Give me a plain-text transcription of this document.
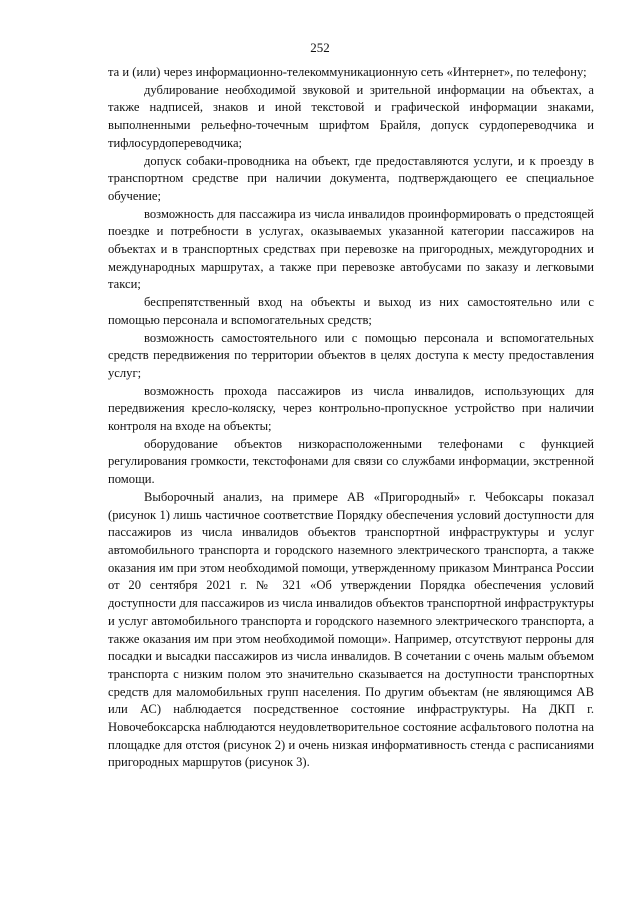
252

та и (или) через информационно-телекоммуникационную сеть «Интернет», по телефону;

дублирование необходимой звуковой и зрительной информации на объектах, а также надписей, знаков и иной текстовой и графической информации знаками, выполненными рельефно-точечным шрифтом Брайля, допуск сурдопереводчика и тифлосурдопереводчика;

допуск собаки-проводника на объект, где предоставляются услуги, и к проезду в транспортном средстве при наличии документа, подтверждающего ее специальное обучение;

возможность для пассажира из числа инвалидов проинформировать о предстоящей поездке и потребности в услугах, оказываемых указанной категории пассажиров на объектах и в транспортных средствах при перевозке на пригородных, междугородних и международных маршрутах, а также при перевозке автобусами по заказу и легковыми такси;

беспрепятственный вход на объекты и выход из них самостоятельно или с помощью персонала и вспомогательных средств;

возможность самостоятельного или с помощью персонала и вспомогательных средств передвижения по территории объектов в целях доступа к месту предоставления услуг;

возможность прохода пассажиров из числа инвалидов, использующих для передвижения кресло-коляску, через контрольно-пропускное устройство при наличии контроля на входе на объекты;

оборудование объектов низкорасположенными телефонами с функцией регулирования громкости, текстофонами для связи со службами информации, экстренной помощи.

Выборочный анализ, на примере АВ «Пригородный» г. Чебоксары показал (рисунок 1) лишь частичное соответствие Порядку обеспечения условий доступности для пассажиров из числа инвалидов объектов транспортной инфраструктуры и услуг автомобильного транспорта и городского наземного электрического транспорта, а также оказания им при этом необходимой помощи, утвержденному приказом Минтранса России от 20 сентября 2021 г. № 321 «Об утверждении Порядка обеспечения условий доступности для пассажиров из числа инвалидов объектов транспортной инфраструктуры и услуг автомобильного транспорта и городского наземного электрического транспорта, а также оказания им при этом необходимой помощи». Например, отсутствуют перроны для посадки и высадки пассажиров из числа инвалидов. В сочетании с очень малым объемом транспорта с низким полом это значительно сказывается на доступности транспортных средств для маломобильных групп населения. По другим объектам (не являющимся АВ или АС) наблюдается посредственное состояние инфраструктуры. На ДКП г. Новочебоксарска наблюдаются неудовлетворительное состояние асфальтового полотна на площадке для отстоя (рисунок 2) и очень низкая информативность стенда с расписаниями пригородных маршрутов (рисунок 3).
